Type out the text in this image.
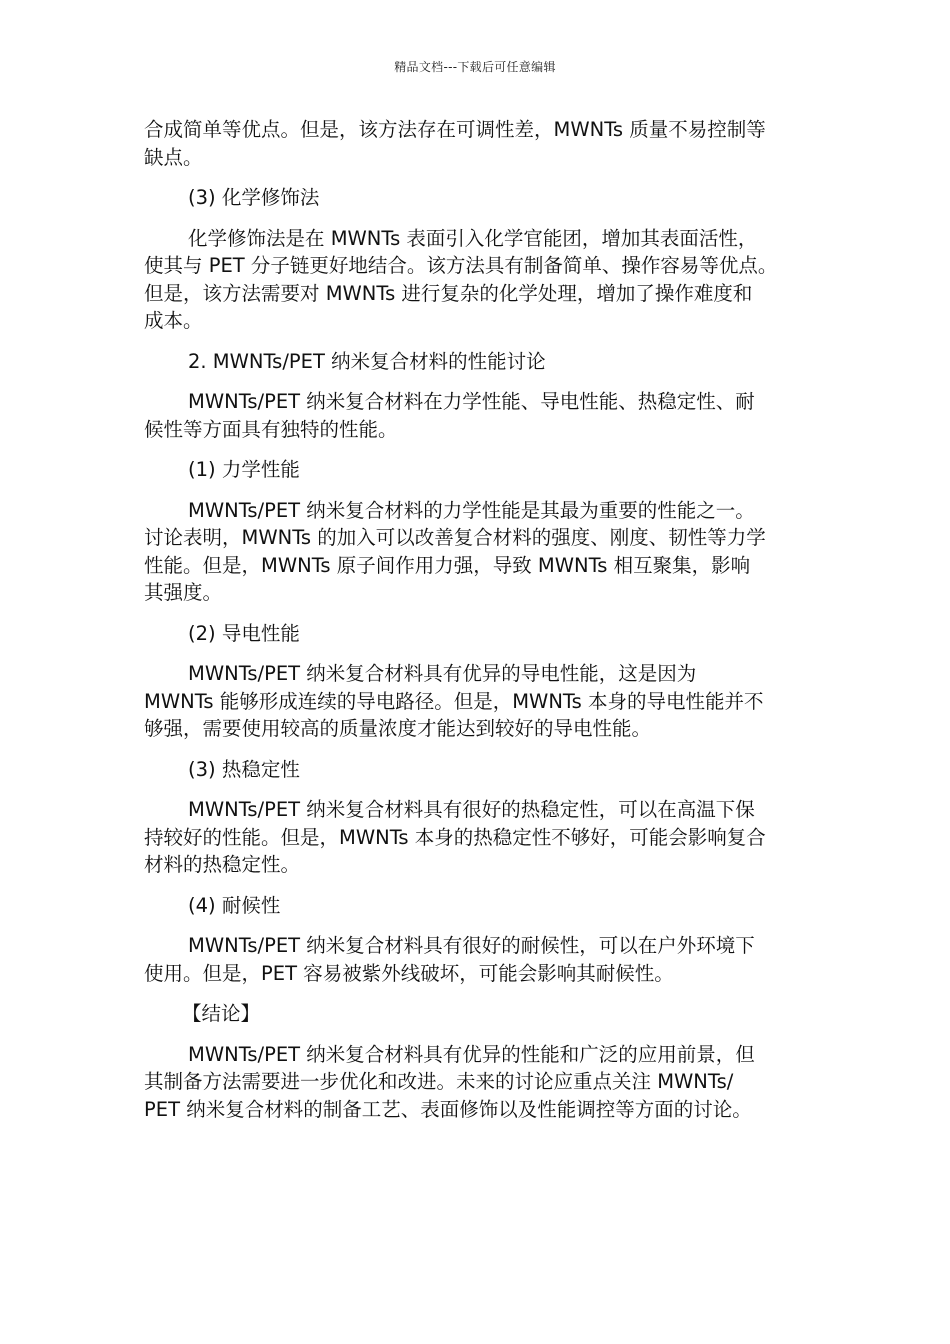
精品文档---下载后可任意编辑
合成简单等优点。但是，该方法存在可调性差，MWNTs 质量不易控制等
缺点。
(3) 化学修饰法
化学修饰法是在 MWNTs 表面引入化学官能团，增加其表面活性，
使其与 PET 分子链更好地结合。该方法具有制备简单、操作容易等优点。
但是，该方法需要对 MWNTs 进行复杂的化学处理，增加了操作难度和
成本。
2. MWNTs/PET 纳米复合材料的性能讨论
MWNTs/PET 纳米复合材料在力学性能、导电性能、热稳定性、耐
候性等方面具有独特的性能。
(1) 力学性能
MWNTs/PET 纳米复合材料的力学性能是其最为重要的性能之一。
讨论表明，MWNTs 的加入可以改善复合材料的强度、刚度、韧性等力学
性能。但是，MWNTs 原子间作用力强，导致 MWNTs 相互聚集，影响
其强度。
(2) 导电性能
MWNTs/PET 纳米复合材料具有优异的导电性能，这是因为
MWNTs 能够形成连续的导电路径。但是，MWNTs 本身的导电性能并不
够强，需要使用较高的质量浓度才能达到较好的导电性能。
(3) 热稳定性
MWNTs/PET 纳米复合材料具有很好的热稳定性，可以在高温下保
持较好的性能。但是，MWNTs 本身的热稳定性不够好，可能会影响复合
材料的热稳定性。
(4) 耐候性
MWNTs/PET 纳米复合材料具有很好的耐候性，可以在户外环境下
使用。但是，PET 容易被紫外线破坏，可能会影响其耐候性。
【结论】
MWNTs/PET 纳米复合材料具有优异的性能和广泛的应用前景，但
其制备方法需要进一步优化和改进。未来的讨论应重点关注 MWNTs/
PET 纳米复合材料的制备工艺、表面修饰以及性能调控等方面的讨论。
